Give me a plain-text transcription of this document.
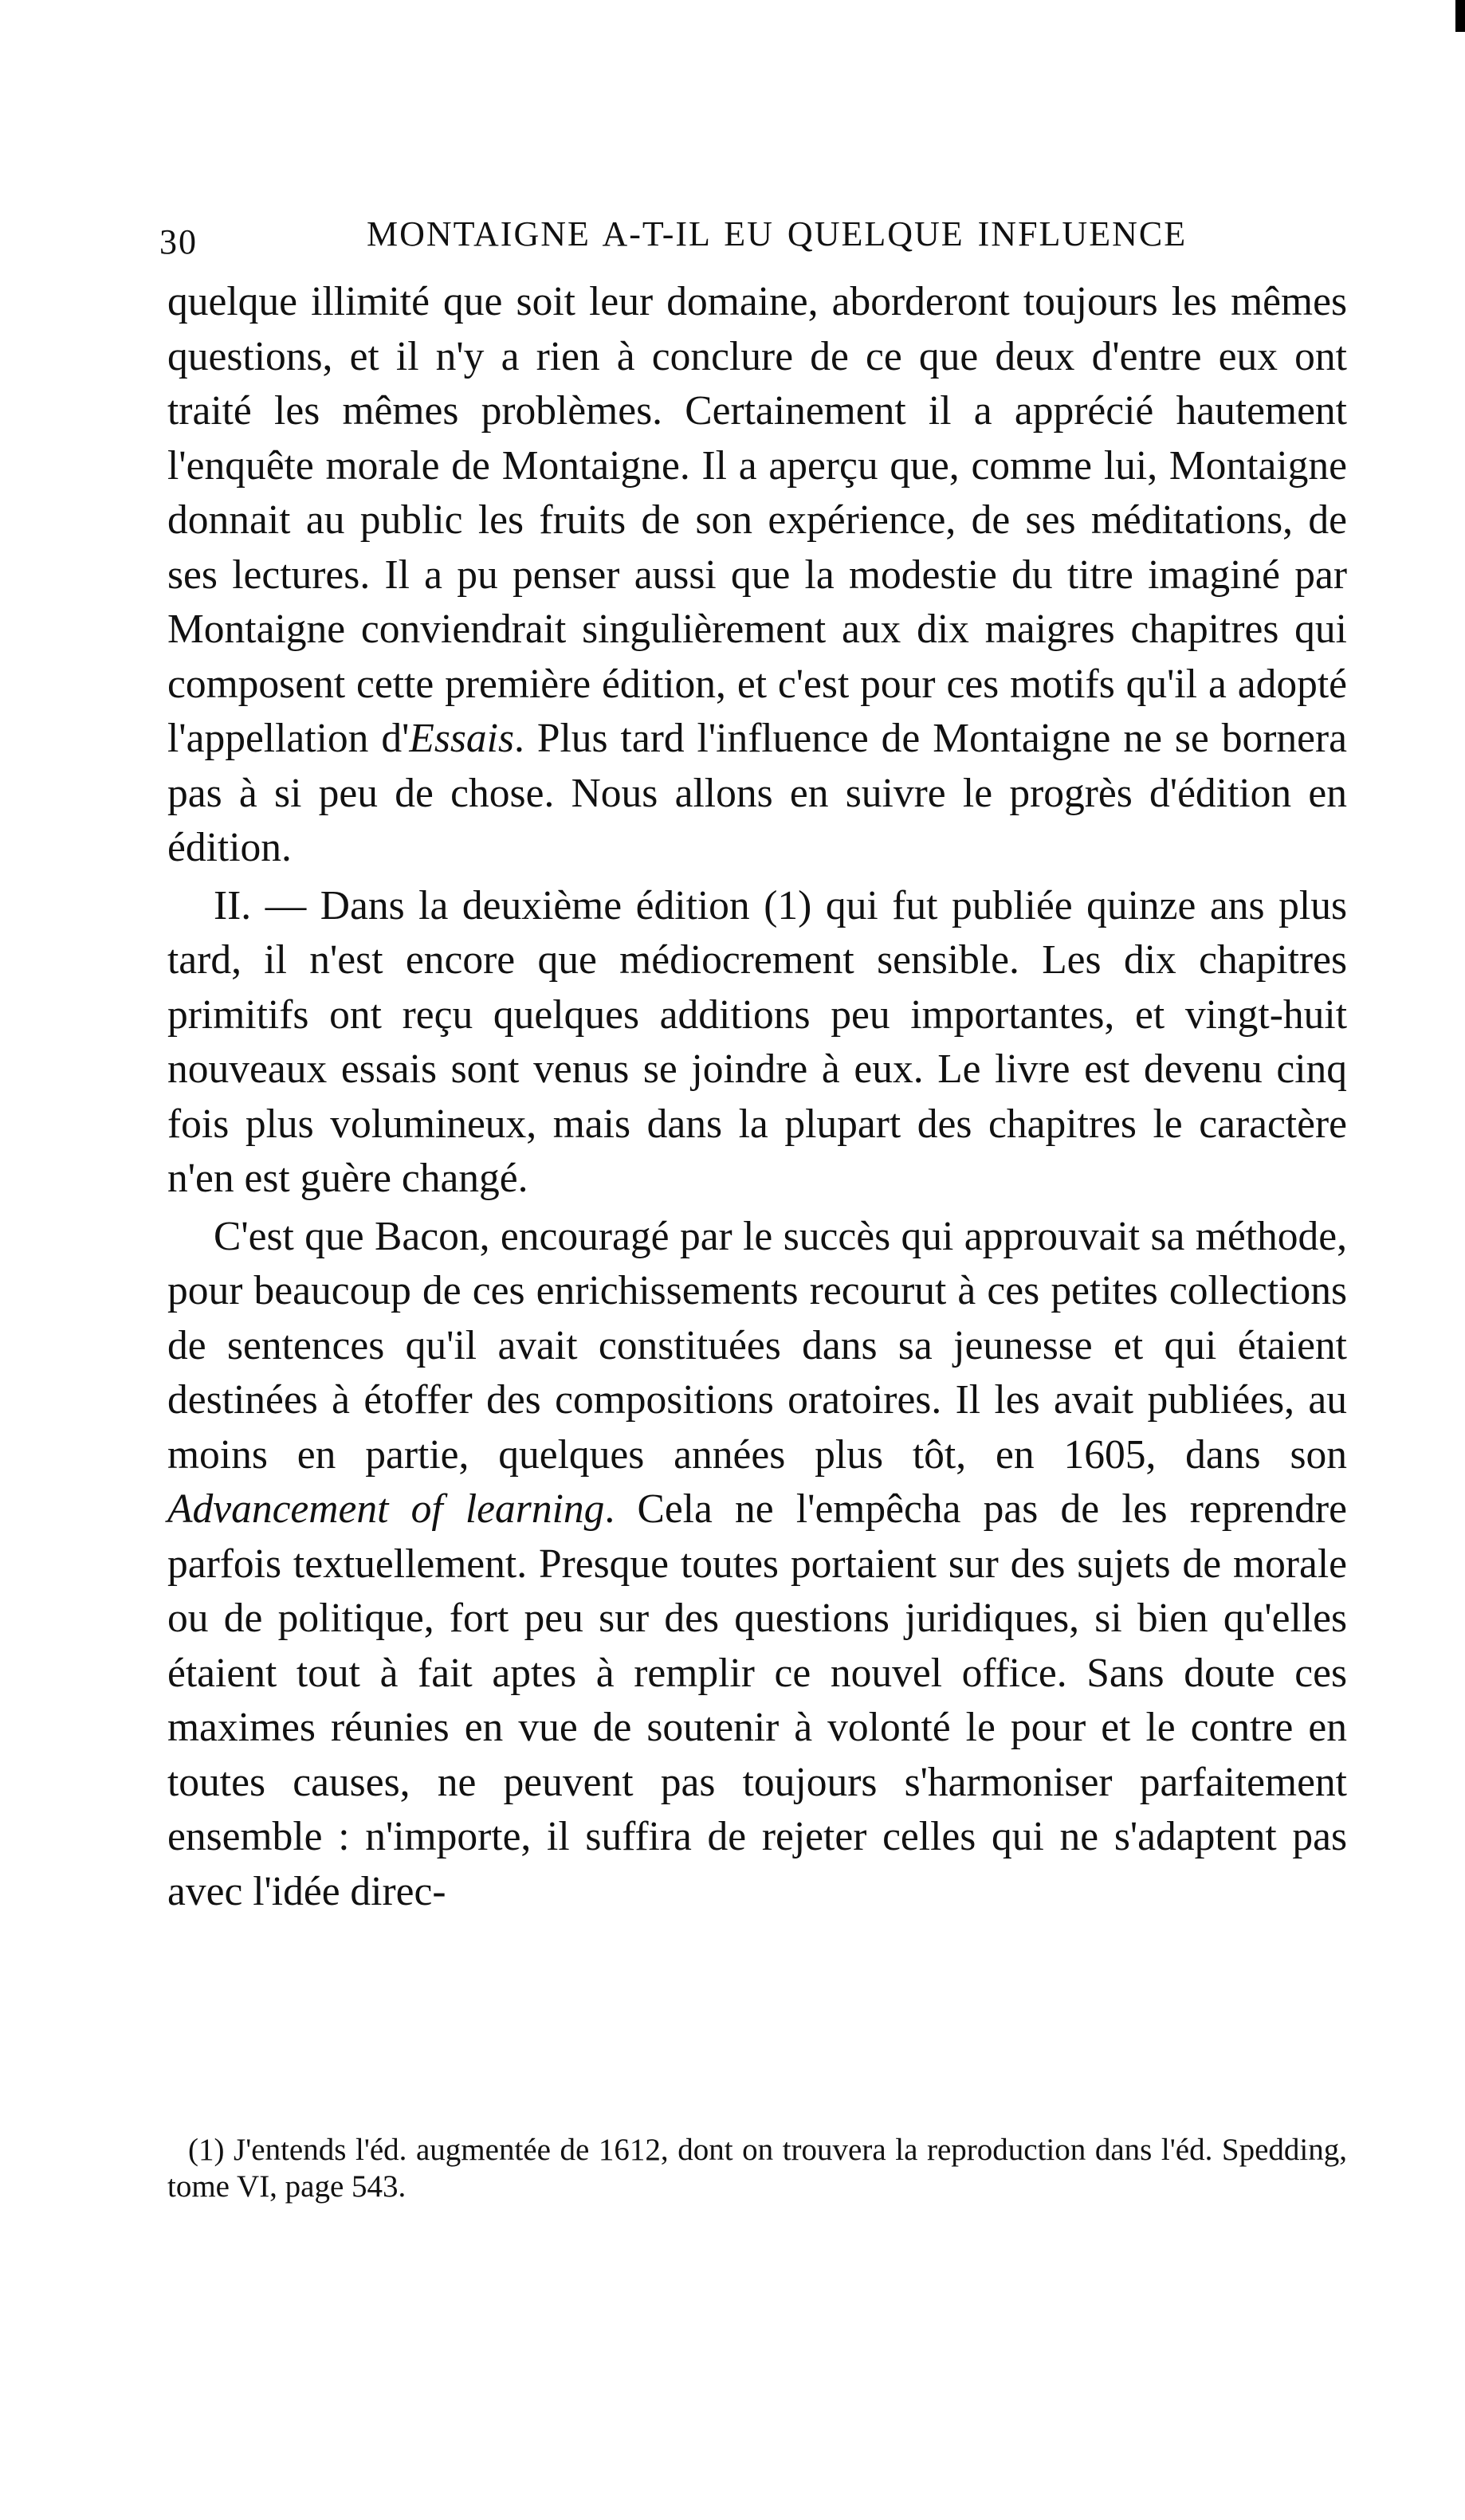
30	MONTAIGNE A-T-IL EU QUELQUE INFLUENCE

quelque illimité que soit leur domaine, aborderont toujours les mêmes questions, et il n'y a rien à conclure de ce que deux d'entre eux ont traité les mêmes problèmes. Certainement il a apprécié hautement l'enquête morale de Montaigne. Il a aperçu que, comme lui, Montaigne donnait au public les fruits de son expérience, de ses méditations, de ses lectures. Il a pu penser aussi que la modestie du titre imaginé par Montaigne conviendrait singulièrement aux dix maigres chapitres qui composent cette première édition, et c'est pour ces motifs qu'il a adopté l'appellation d'Essais. Plus tard l'influence de Montaigne ne se bornera pas à si peu de chose. Nous allons en suivre le progrès d'édition en édition.

II. — Dans la deuxième édition (1) qui fut publiée quinze ans plus tard, il n'est encore que médiocrement sensible. Les dix chapitres primitifs ont reçu quelques additions peu importantes, et vingt-huit nouveaux essais sont venus se joindre à eux. Le livre est devenu cinq fois plus volumineux, mais dans la plupart des chapitres le caractère n'en est guère changé.

C'est que Bacon, encouragé par le succès qui approuvait sa méthode, pour beaucoup de ces enrichissements recourut à ces petites collections de sentences qu'il avait constituées dans sa jeunesse et qui étaient destinées à étoffer des compositions oratoires. Il les avait publiées, au moins en partie, quelques années plus tôt, en 1605, dans son Advancement of learning. Cela ne l'empêcha pas de les reprendre parfois textuellement. Presque toutes portaient sur des sujets de morale ou de politique, fort peu sur des questions juridiques, si bien qu'elles étaient tout à fait aptes à remplir ce nouvel office. Sans doute ces maximes réunies en vue de soutenir à volonté le pour et le contre en toutes causes, ne peuvent pas toujours s'harmoniser parfaitement ensemble : n'importe, il suffira de rejeter celles qui ne s'adaptent pas avec l'idée direc-

(1) J'entends l'éd. augmentée de 1612, dont on trouvera la reproduction dans l'éd. Spedding, tome VI, page 543.
